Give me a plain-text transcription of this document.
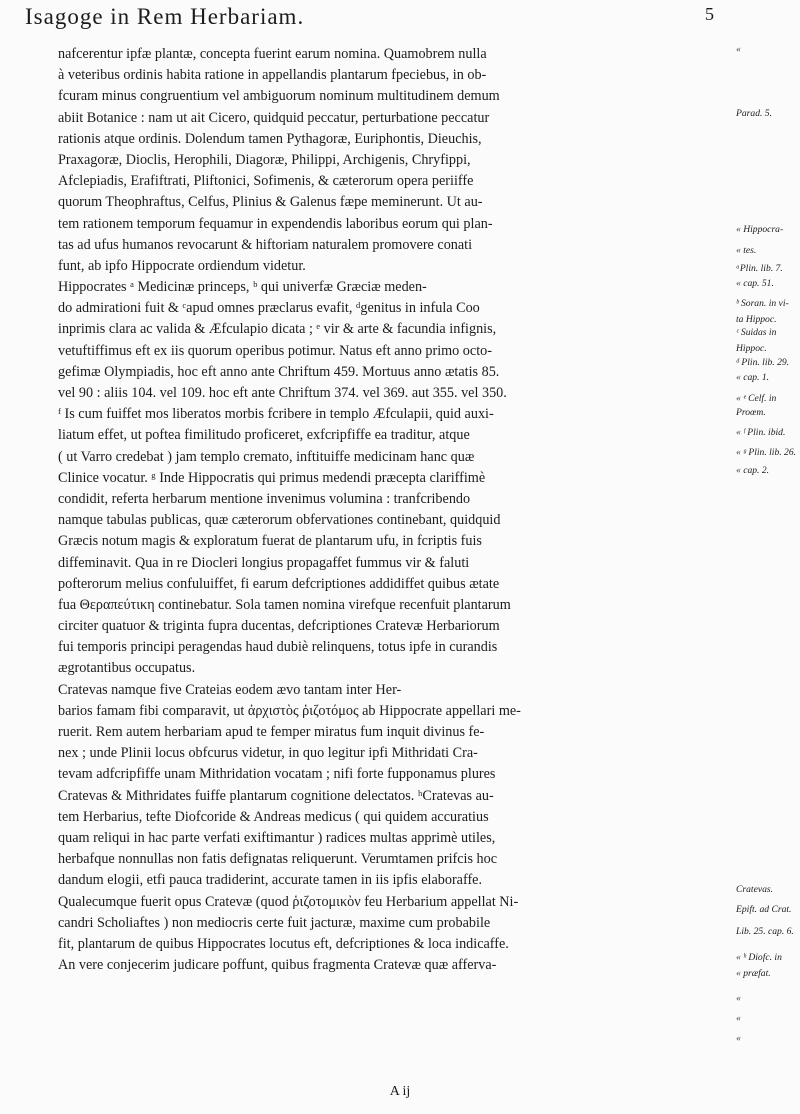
Isagoge in Rem Herbariam.	5
nafcerentur ipfæ plantæ, concepta fuerint earum nomina. Quamobrem nulla
à veteribus ordinis habita ratione in appellandis plantarum fpeciebus, in ob-
fcuram minus congruentium vel ambiguorum nominum multitudinem demum
abiit Botanice : nam ut ait Cicero, quidquid peccatur, perturbatione peccatur
rationis atque ordinis. Dolendum tamen Pythagoræ, Euriphontis, Dieuchis,
Praxagoræ, Dioclis, Herophili, Diagoræ, Philippi, Archigenis, Chryfippi,
Afclepiadis, Erafiftrati, Pliftonici, Sofimenis, & cæterorum opera periiffe
quorum Theophraftus, Celfus, Plinius & Galenus fæpe meminerunt. Ut au-
tem rationem temporum fequamur in expendendis laboribus eorum qui plan-
tas ad ufus humanos revocarunt & hiftoriam naturalem promovere conati
funt, ab ipfo Hippocrate ordiendum videtur.
Hippocrates ᵃ Medicinæ princeps, ᵇ qui univerfæ Græciæ meden-
do admirationi fuit & ᶜapud omnes præclarus evafit, ᵈgenitus in infula Coo
inprimis clara ac valida & Æfculapio dicata ; ᵉ vir & arte & facundia infignis,
vetuftiffimus eft ex iis quorum operibus potimur. Natus eft anno primo octo-
gefimæ Olympiadis, hoc eft anno ante Chriftum 459. Mortuus anno ætatis 85.
vel 90 : aliis 104. vel 109. hoc eft ante Chriftum 374. vel 369. aut 355. vel 350.
ᶠ Is cum fuiffet mos liberatos morbis fcribere in templo Æfculapii, quid auxi-
liatum effet, ut poftea fimilitudo proficeret, exfcripfiffe ea traditur, atque
( ut Varro credebat ) jam templo cremato, inftituiffe medicinam hanc quæ
Clinice vocatur. ᵍ Inde Hippocratis qui primus medendi præcepta clariffimè
condidit, referta herbarum mentione invenimus volumina : tranfcribendo
namque tabulas publicas, quæ cæterorum obfervationes continebant, quidquid
Græcis notum magis & exploratum fuerat de plantarum ufu, in fcriptis fuis
diffeminavit. Qua in re Diocleri longius propagaffet fummus vir & faluti
pofterorum melius confuluiffet, fi earum defcriptiones addidiffet quibus ætate
fua Θεραπεύτικη continebatur. Sola tamen nomina virefque recenfuit plantarum
circiter quatuor & triginta fupra ducentas, defcriptiones Cratevæ Herbariorum
fui temporis principi peragendas haud dubiè relinquens, totus ipfe in curandis
ægrotantibus occupatus.
Cratevas namque five Crateias eodem ævo tantam inter Her-
barios famam fibi comparavit, ut ἀρχιστὸς ῥιζοτόμος ab Hippocrate appellari me-
ruerit. Rem autem herbariam apud te femper miratus fum inquit divinus fe-
nex ; unde Plinii locus obfcurus videtur, in quo legitur ipfi Mithridati Cra-
tevam adfcripfiffe unam Mithridation vocatam ; nifi forte fupponamus plures
Cratevas & Mithridates fuiffe plantarum cognitione delectatos. ʰCratevas au-
tem Herbarius, tefte Diofcoride & Andreas medicus ( qui quidem accuratius
quam reliqui in hac parte verfati exiftimantur ) radices multas apprimè utiles,
herbafque nonnullas non fatis defignatas reliquerunt. Verumtamen prifcis hoc
dandum elogii, etfi pauca tradiderint, accurate tamen in iis ipfis elaboraffe.
Qualecumque fuerit opus Cratevæ (quod ῥιζοτομικὸν feu Herbarium appellat Ni-
candri Scholiaftes ) non mediocris certe fuit jacturæ, maxime cum probabile
fit, plantarum de quibus Hippocrates locutus eft, defcriptiones & loca indicaffe.
An vere conjecerim judicare poffunt, quibus fragmenta Cratevæ quæ afferva-
«
Parad. 5.
« Hippocra-
« tes.
ᵃPlin. lib. 7.
« cap. 51.
ᵇ Soran. in vi-
ta Hippoc.
ᶜ Suidas in
Hippoc.
ᵈ Plin. lib. 29.
« cap. 1.
« ᵉ Celf. in
Proœm.
« ᶠ Plin. ibid.
« ᵍ Plin. lib. 26.
« cap. 2.
Cratevas.
Epift. ad Crat.
Lib. 25. cap. 6.
« ʰ Diofc. in
« præfat.
«
«
«
A ij
